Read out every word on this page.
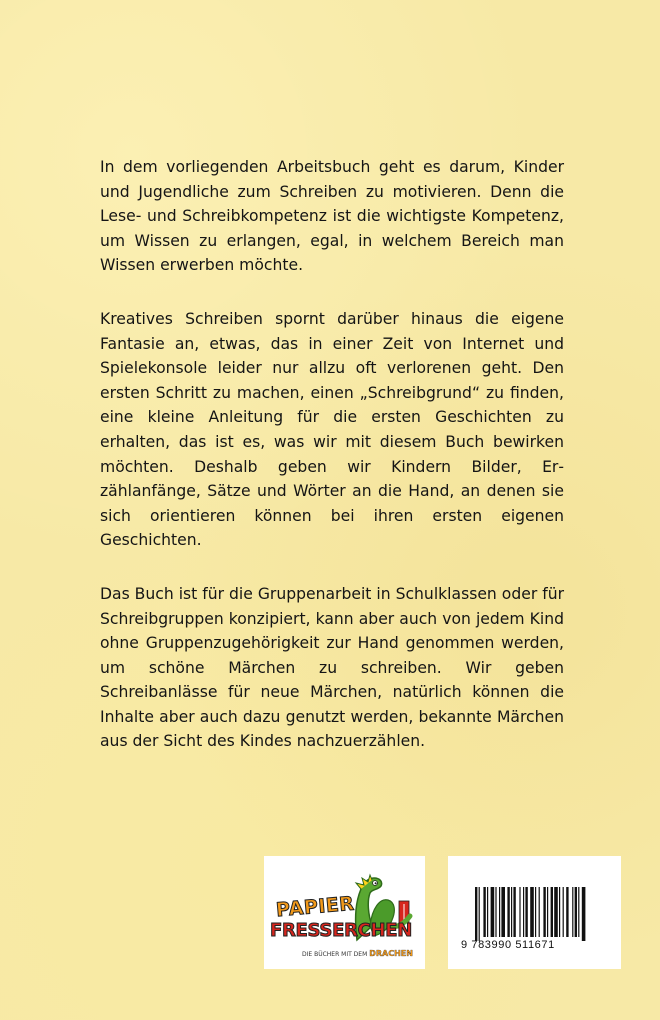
In dem vorliegenden Arbeitsbuch geht es darum, Kinder und Jugendliche zum Schreiben zu motivieren. Denn die Lese- und Schreibkompetenz ist die wichtigste Kompetenz, um Wissen zu erlangen, egal, in welchem Bereich man Wissen erwerben möchte.

Kreatives Schreiben spornt darüber hinaus die eigene Fantasie an, etwas, das in einer Zeit von Internet und Spielekonsole leider nur allzu oft verlorenen geht. Den ersten Schritt zu machen, einen „Schreibgrund“ zu finden, eine kleine Anleitung für die ersten Geschichten zu erhalten, das ist es, was wir mit diesem Buch bewirken möchten. Deshalb geben wir Kindern Bilder, Erzählanfänge, Sätze und Wörter an die Hand, an denen sie sich orientieren können bei ihren ersten eigenen Geschichten.

Das Buch ist für die Gruppenarbeit in Schulklassen oder für Schreibgruppen konzipiert, kann aber auch von jedem Kind ohne Gruppenzugehörigkeit zur Hand genommen werden, um schöne Märchen zu schreiben. Wir geben Schreibanlässe für neue Märchen, natürlich können die Inhalte aber auch dazu genutzt werden, bekannte Märchen aus der Sicht des Kindes nachzuerzählen.

PAPIER
FRESSERCHEN
DIE BÜCHER MIT DEM DRACHEN
9 783990 511671
